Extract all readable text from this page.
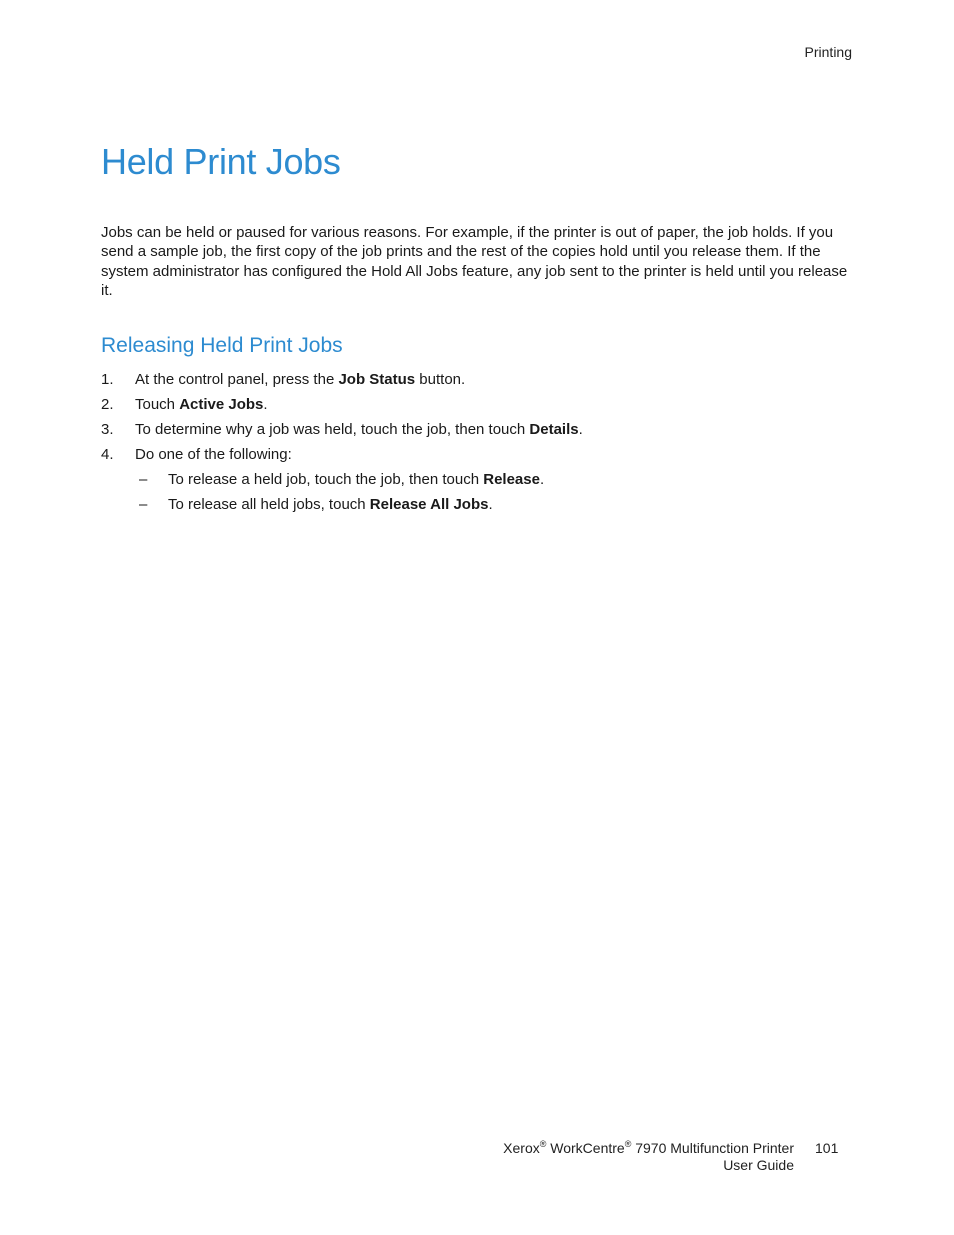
Printing
Held Print Jobs

Jobs can be held or paused for various reasons. For example, if the printer is out of paper, the job holds. If you send a sample job, the first copy of the job prints and the rest of the copies hold until you release them. If the system administrator has configured the Hold All Jobs feature, any job sent to the printer is held until you release it.

Releasing Held Print Jobs
1. At the control panel, press the Job Status button.
2. Touch Active Jobs.
3. To determine why a job was held, touch the job, then touch Details.
4. Do one of the following:
– To release a held job, touch the job, then touch Release.
– To release all held jobs, touch Release All Jobs.
Xerox® WorkCentre® 7970 Multifunction Printer
User Guide
101
